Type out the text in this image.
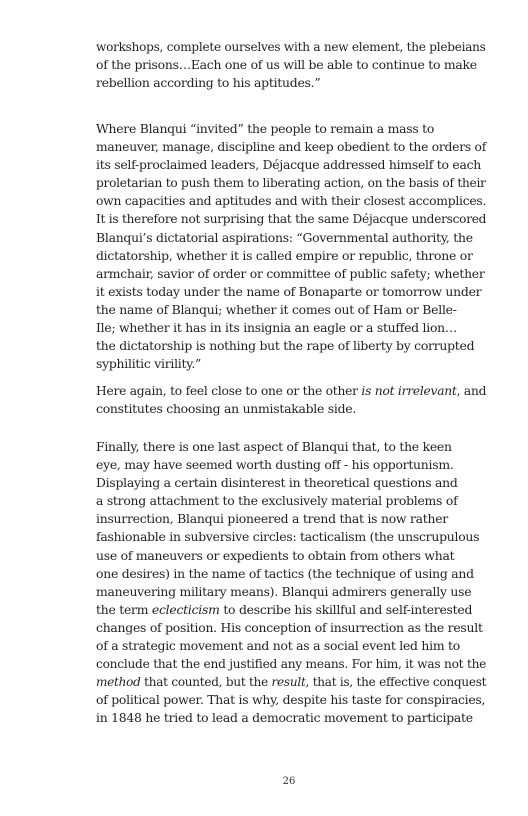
workshops, complete ourselves with a new element, the plebeians
of the prisons…Each one of us will be able to continue to make
rebellion according to his aptitudes.”
Where Blanqui “invited” the people to remain a mass to
maneuver, manage, discipline and keep obedient to the orders of
its self-proclaimed leaders, Déjacque addressed himself to each
proletarian to push them to liberating action, on the basis of their
own capacities and aptitudes and with their closest accomplices.
It is therefore not surprising that the same Déjacque underscored
Blanqui’s dictatorial aspirations: “Governmental authority, the
dictatorship, whether it is called empire or republic, throne or
armchair, savior of order or committee of public safety; whether
it exists today under the name of Bonaparte or tomorrow under
the name of Blanqui; whether it comes out of Ham or Belle-
Ile; whether it has in its insignia an eagle or a stuffed lion…
the dictatorship is nothing but the rape of liberty by corrupted
syphilitic virility.”
Here again, to feel close to one or the other is not irrelevant, and
constitutes choosing an unmistakable side.
Finally, there is one last aspect of Blanqui that, to the keen
eye, may have seemed worth dusting off - his opportunism.
Displaying a certain disinterest in theoretical questions and
a strong attachment to the exclusively material problems of
insurrection, Blanqui pioneered a trend that is now rather
fashionable in subversive circles: tacticalism (the unscrupulous
use of maneuvers or expedients to obtain from others what
one desires) in the name of tactics (the technique of using and
maneuvering military means). Blanqui admirers generally use
the term eclecticism to describe his skillful and self-interested
changes of position. His conception of insurrection as the result
of a strategic movement and not as a social event led him to
conclude that the end justified any means. For him, it was not the
method that counted, but the result, that is, the effective conquest
of political power. That is why, despite his taste for conspiracies,
in 1848 he tried to lead a democratic movement to participate
26
